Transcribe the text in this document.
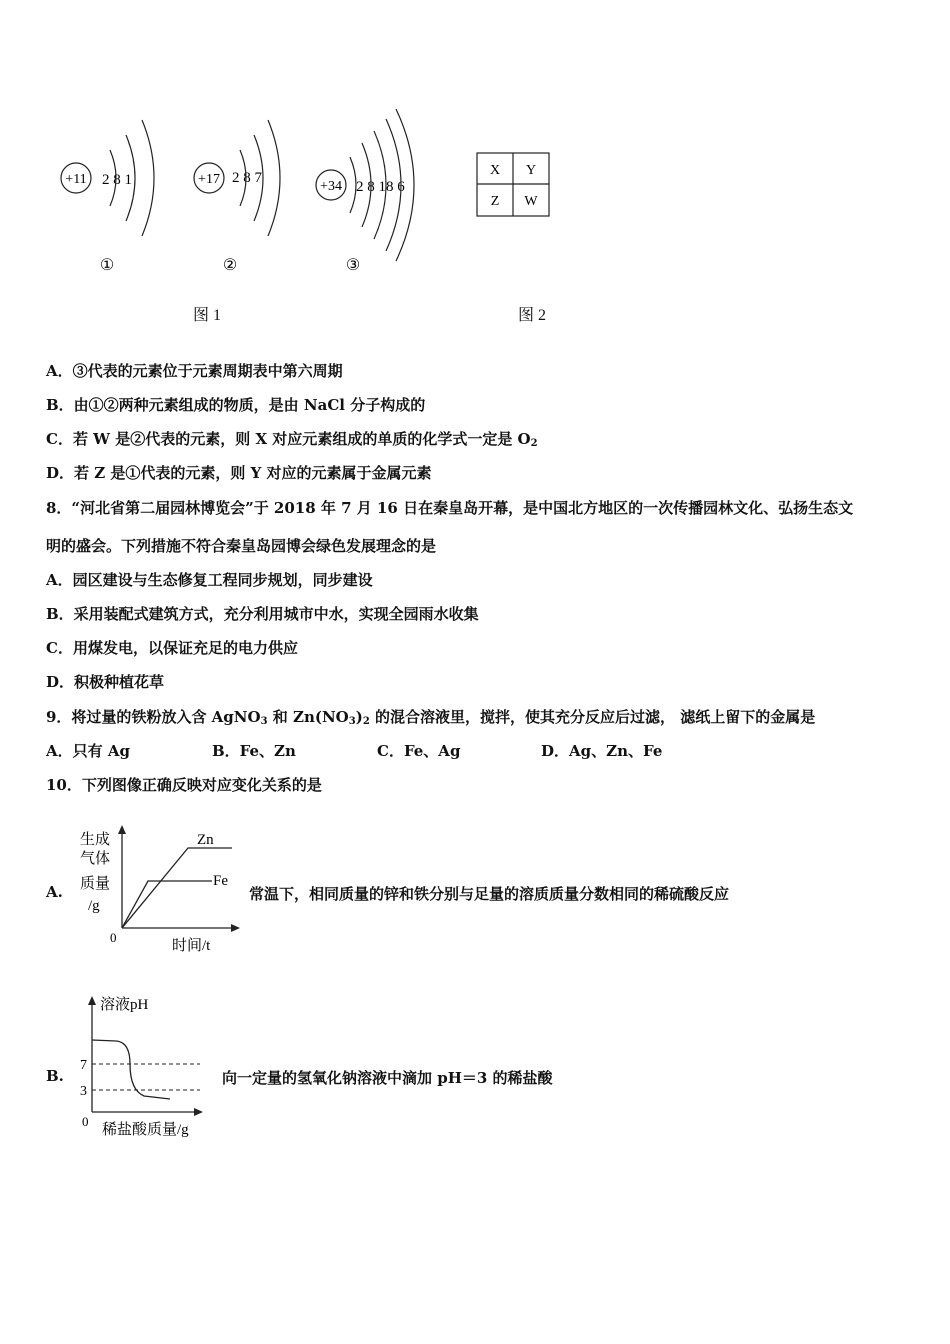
+11 2 8 1
①
+17 2 8 7
②
+34 2 8 18 6
③
图 1
X Y
Z W
图 2
A．③代表的元素位于元素周期表中第六周期
B．由①②两种元素组成的物质，是由 NaCl 分子构成的
C．若 W 是②代表的元素，则 X 对应元素组成的单质的化学式一定是 $O_2$
D．若 Z 是①代表的元素，则 Y 对应的元素属于金属元素
8．“河北省第二届园林博览会”于 2018 年 7 月 16 日在秦皇岛开幕，是中国北方地区的一次传播园林文化、弘扬生态文
明的盛会。下列措施不符合秦皇岛园博会绿色发展理念的是
A．园区建设与生态修复工程同步规划，同步建设
B．采用装配式建筑方式，充分利用城市中水，实现全园雨水收集
C．用煤发电，以保证充足的电力供应
D．积极种植花草
9．将过量的铁粉放入含 AgNO$_3$ 和 $Zn(NO_3)_2$ 的混合溶液里，搅拌，使其充分反应后过滤， 滤纸上留下的金属是
A．只有 Ag	B．Fe、Zn	C．Fe、Ag	D．Ag、Zn、Fe
10．下列图像正确反映对应变化关系的是
A.
生成
气体
质量
/g
Zn
Fe
0
时间/t
常温下，相同质量的锌和铁分别与足量的溶质质量分数相同的稀硫酸反应
B.
溶液pH
7
3
0
稀盐酸质量/g
向一定量的氢氧化钠溶液中滴加 pH＝3 的稀盐酸
